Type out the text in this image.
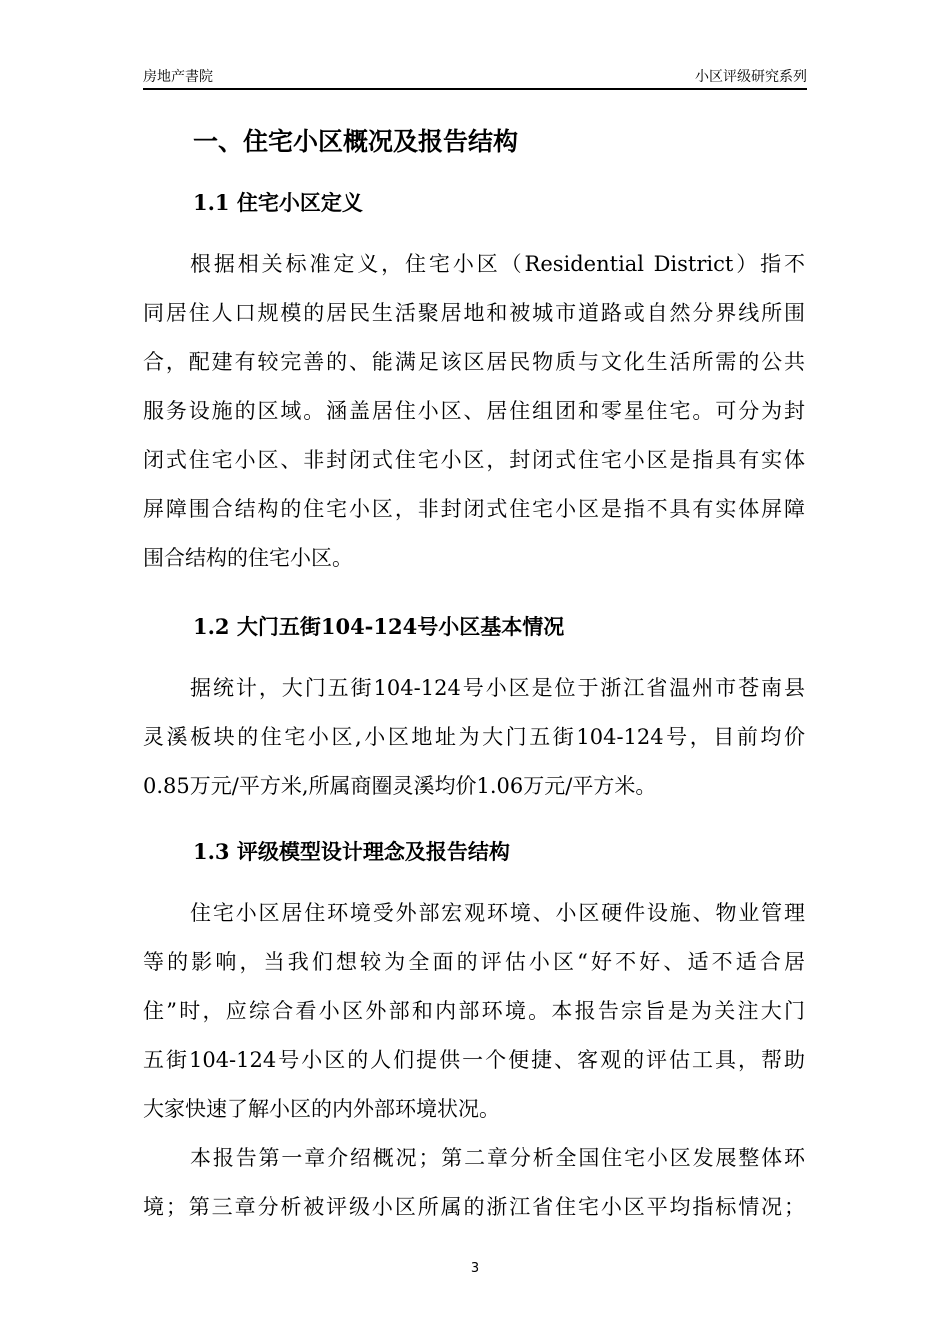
房地产書院	小区评级研究系列
一、住宅小区概况及报告结构
1.1 住宅小区定义
根据相关标准定义，住宅小区（Residential District）指不
同居住人口规模的居民生活聚居地和被城市道路或自然分界线所围
合，配建有较完善的、能满足该区居民物质与文化生活所需的公共
服务设施的区域。涵盖居住小区、居住组团和零星住宅。可分为封
闭式住宅小区、非封闭式住宅小区，封闭式住宅小区是指具有实体
屏障围合结构的住宅小区，非封闭式住宅小区是指不具有实体屏障
围合结构的住宅小区。
1.2 大门五街104-124号小区基本情况
据统计，大门五街104-124号小区是位于浙江省温州市苍南县
灵溪板块的住宅小区,小区地址为大门五街104-124号，目前均价
0.85万元/平方米,所属商圈灵溪均价1.06万元/平方米。
1.3 评级模型设计理念及报告结构
住宅小区居住环境受外部宏观环境、小区硬件设施、物业管理
等的影响，当我们想较为全面的评估小区“好不好、适不适合居
住”时，应综合看小区外部和内部环境。本报告宗旨是为关注大门
五街104-124号小区的人们提供一个便捷、客观的评估工具，帮助
大家快速了解小区的内外部环境状况。
本报告第一章介绍概况；第二章分析全国住宅小区发展整体环
境；第三章分析被评级小区所属的浙江省住宅小区平均指标情况；
3
